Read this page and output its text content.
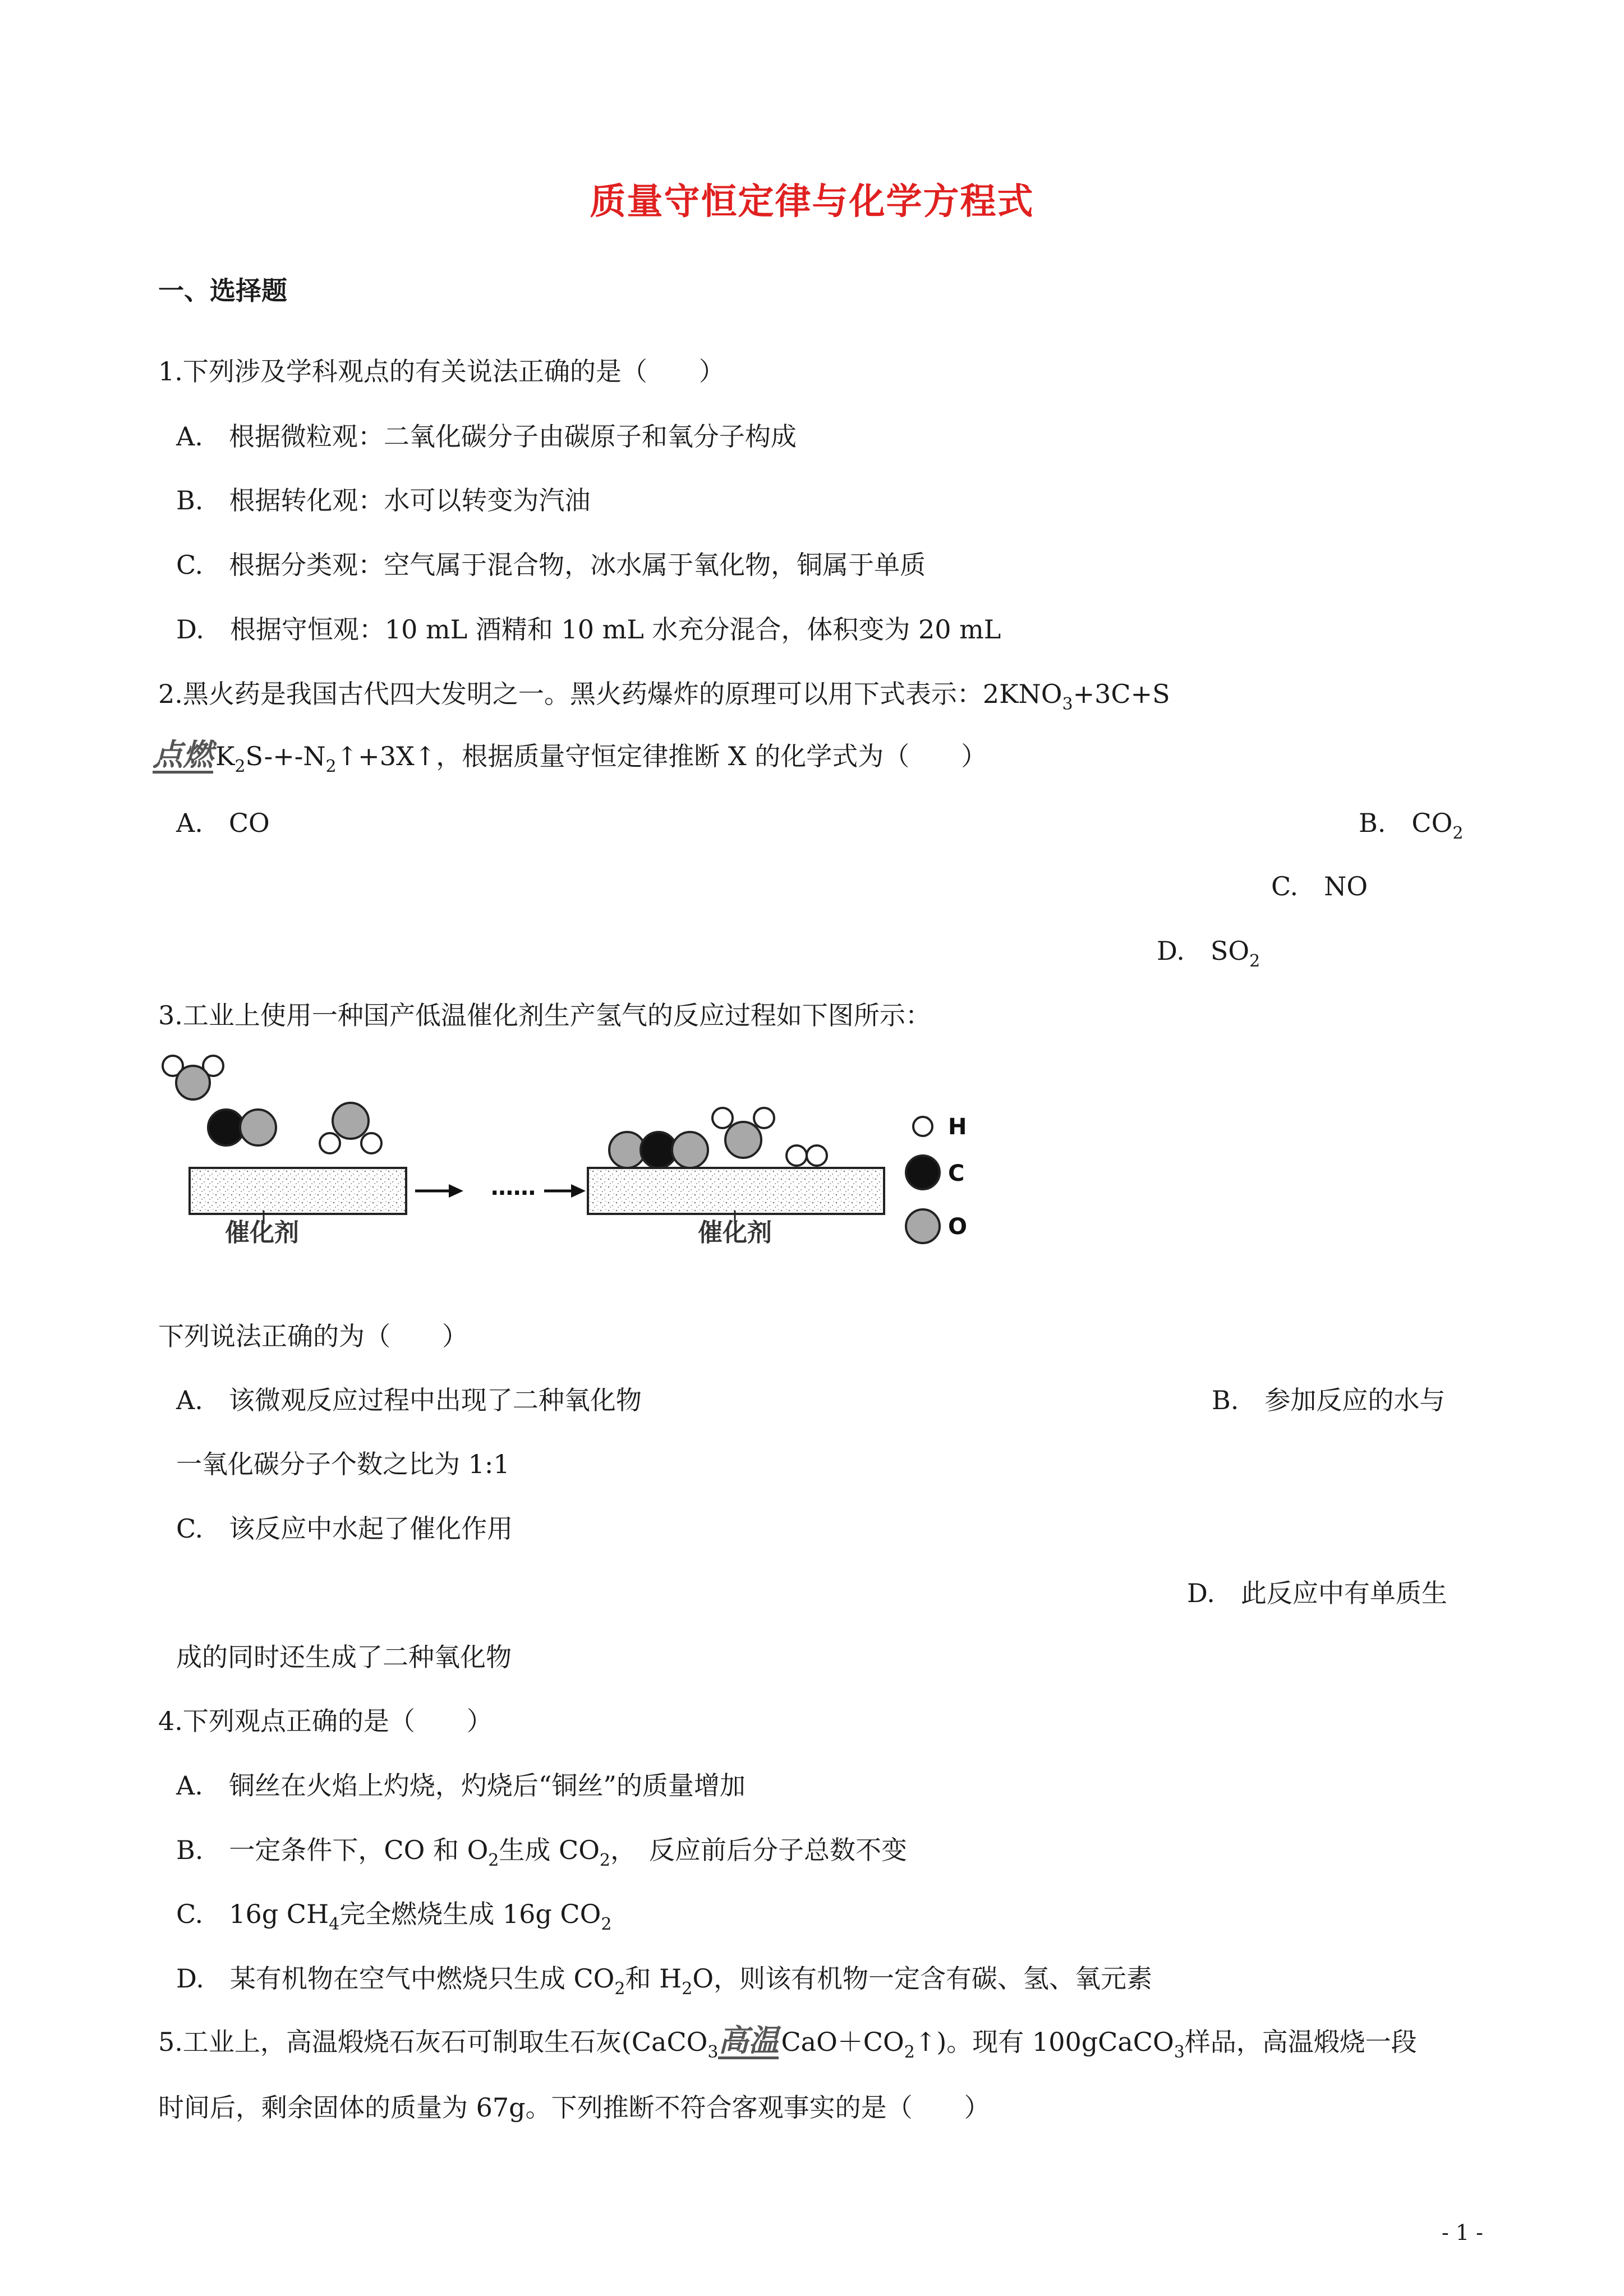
质量守恒定律与化学方程式
一、选择题
1.下列涉及学科观点的有关说法正确的是（　　）
A.　根据微粒观：二氧化碳分子由碳原子和氧分子构成
B.　根据转化观：水可以转变为汽油
C.　根据分类观：空气属于混合物，冰水属于氧化物，铜属于单质
D.　根据守恒观：10 mL 酒精和 10 mL 水充分混合，体积变为 20 mL
2.黑火药是我国古代四大发明之一。黑火药爆炸的原理可以用下式表示：$2KNO_3+3C+S$
点燃$K_2S-+-N_2↑+3X↑$，根据质量守恒定律推断 X 的化学式为（　　）
A.　CO	B.　$CO_2$
C.　NO
D.　$SO_2$
3.工业上使用一种国产低温催化剂生产氢气的反应过程如下图所示：
催化剂
……
催化剂
H
C
O
下列说法正确的为（　　）
A.　该微观反应过程中出现了二种氧化物	B.　参加反应的水与
一氧化碳分子个数之比为 1:1
C.　该反应中水起了催化作用
D.　此反应中有单质生
成的同时还生成了二种氧化物
4.下列观点正确的是（　　）
A.　铜丝在火焰上灼烧，灼烧后“铜丝”的质量增加
B.　一定条件下，CO 和 $O_2$生成 $CO_2$，　反应前后分子总数不变
C.　16g $CH_4$完全燃烧生成 16g $CO_2$
D.　某有机物在空气中燃烧只生成 $CO_2$和 $H_2O$，则该有机物一定含有碳、氢、氧元素
5.工业上，高温煅烧石灰石可制取生石灰(CaCO$_3$高温$CaO+CO_2↑$)。现有 100gCaCO$_3$样品，高温煅烧一段
时间后，剩余固体的质量为 67g。下列推断不符合客观事实的是（　　）
- 1 -
